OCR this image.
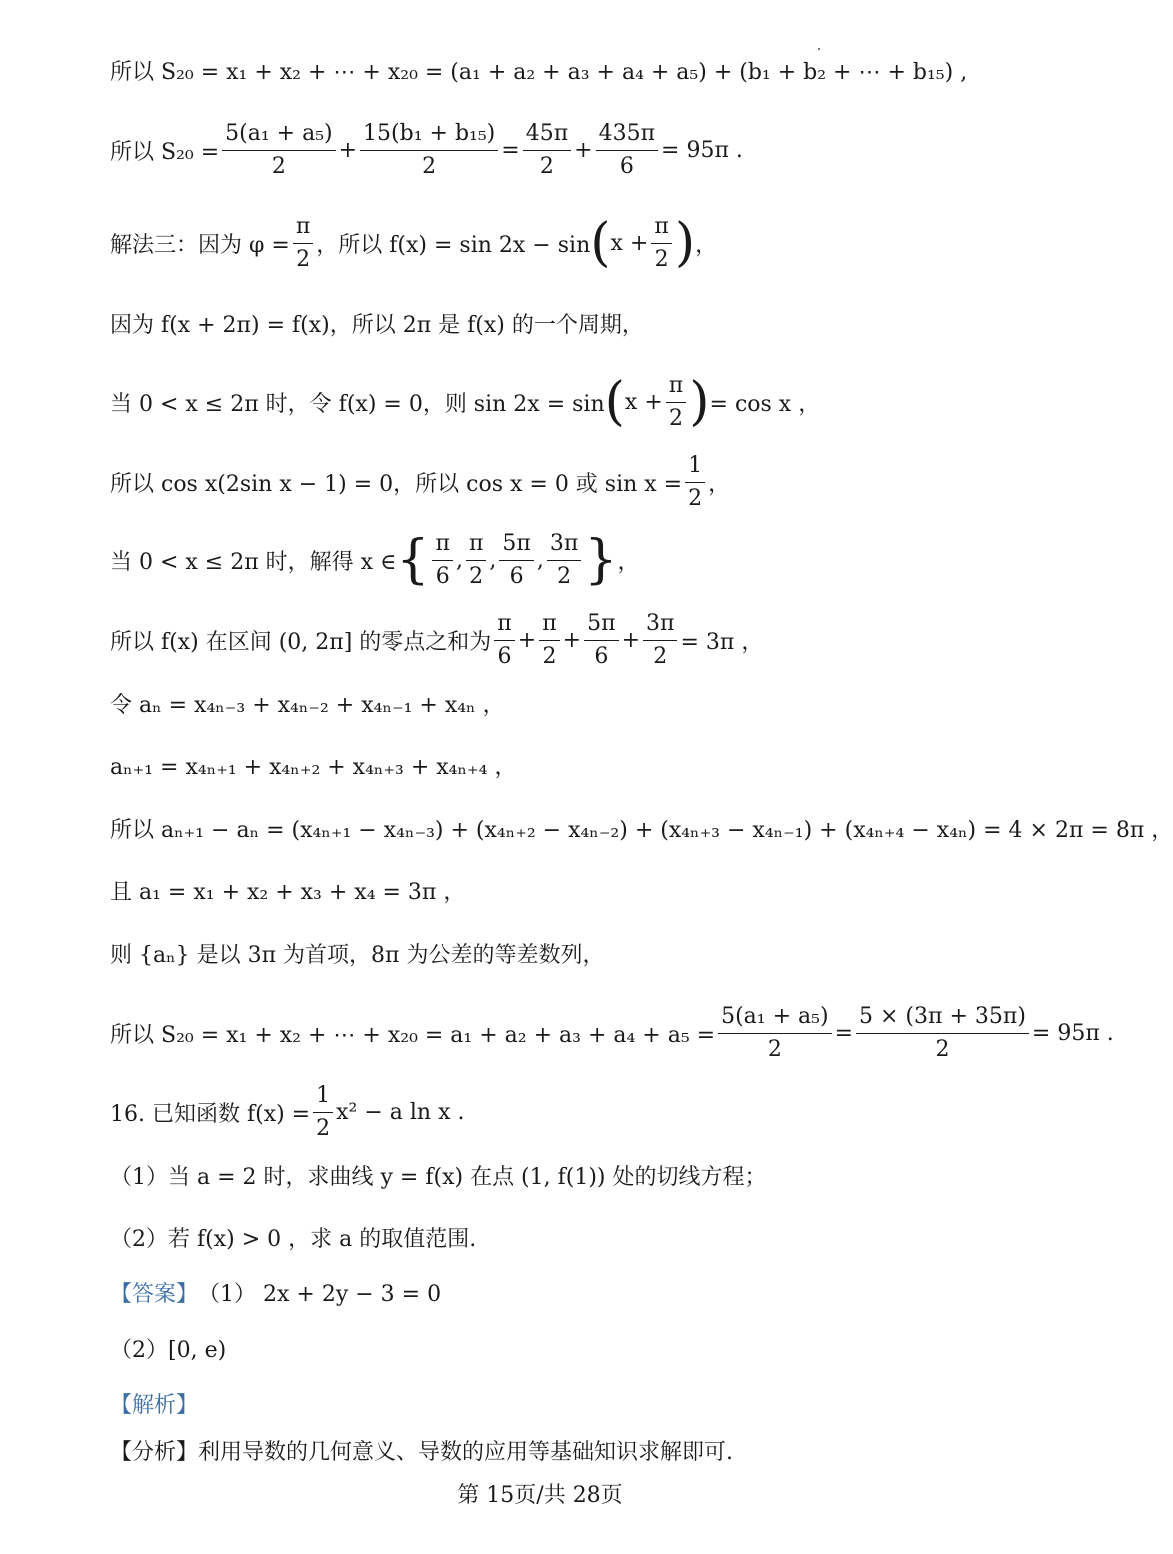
所以 S₂₀ = x₁ + x₂ + ⋯ + x₂₀ = (a₁ + a₂ + a₃ + a₄ + a₅) + (b₁ + b₂ + ⋯ + b₁₅) ,
所以 $S_{20} = \frac{\text{5(a₁ + a₅)}}{2} + \frac{\text{15(b₁ + b₁₅)}}{2} = \frac{45\pi}{2} + \frac{435\pi}{6} = 95\pi$ .
解法三：因为 $\varphi = \frac{\pi}{2}$ ，所以 f(x) = sin 2x − sin ( $x + \frac{\pi}{2}$ ) ，
因为 f(x + 2π) = f(x)，所以 2π 是 f(x) 的一个周期，
当 0 < x ≤ 2π 时，令 f(x) = 0，则 sin 2x = sin ( $x + \frac{\pi}{2}$ ) = cos x ，
所以 cos x(2sin x − 1) = 0，所以 cos x = 0 或 $\sin x = \frac{1}{2}$ ，
当 0 < x ≤ 2π 时，解得 x ∈ { $\frac{\pi}{6}$ , $\frac{\pi}{2}$ , $\frac{5\pi}{6}$ , $\frac{3\pi}{2}$ } ，
所以 f(x) 在区间 (0, 2π] 的零点之和为 $\frac{\pi}{6} + \frac{\pi}{2} + \frac{5\pi}{6} + \frac{3\pi}{2} = 3\pi$ ，
令 aₙ = x₄ₙ₋₃ + x₄ₙ₋₂ + x₄ₙ₋₁ + x₄ₙ ，
aₙ₊₁ = x₄ₙ₊₁ + x₄ₙ₊₂ + x₄ₙ₊₃ + x₄ₙ₊₄ ，
所以 aₙ₊₁ − aₙ = (x₄ₙ₊₁ − x₄ₙ₋₃) + (x₄ₙ₊₂ − x₄ₙ₋₂) + (x₄ₙ₊₃ − x₄ₙ₋₁) + (x₄ₙ₊₄ − x₄ₙ) = 4 × 2π = 8π ，
且 a₁ = x₁ + x₂ + x₃ + x₄ = 3π ，
则 {aₙ} 是以 3π 为首项，8π 为公差的等差数列，
所以 S₂₀ = x₁ + x₂ + ⋯ + $x_{20} = a_1 + a_2 + a_3 + a_4 + a_5 = \frac{\text{5(a₁ + a₅)}}{2} = \frac{5 \times (3\pi + 35\pi)}{2} = 95\pi$ .
16. 已知函数 $f(x) = \frac{1}{2} x^2 - a$ ln x .
（1）当 a = 2 时，求曲线 y = f(x) 在点 (1, f(1)) 处的切线方程；
（2）若 f(x) > 0 ，求 a 的取值范围.
【答案】 （1） 2x + 2y − 3 = 0
（2）[0, e)
【解析】
【分析】利用导数的几何意义、导数的应用等基础知识求解即可.
第 15页/共 28页
